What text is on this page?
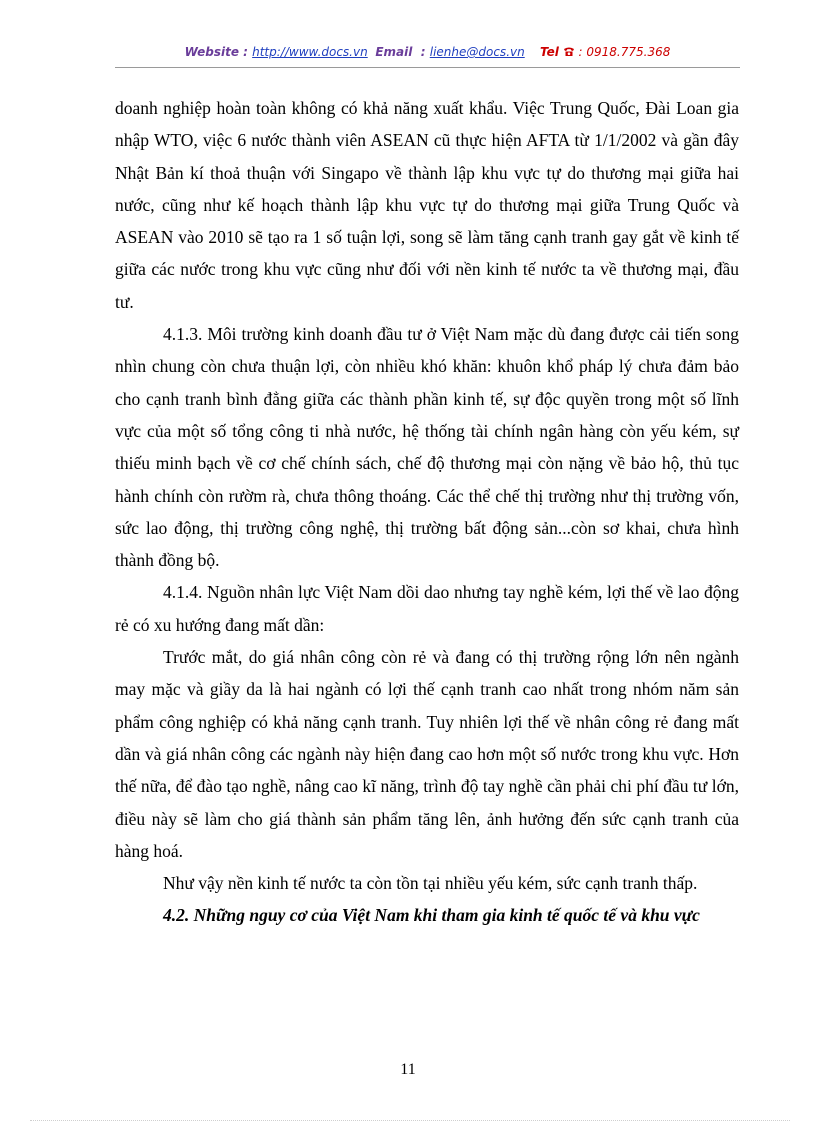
Website : http://www.docs.vn Email  : lienhe@docs.vn Tel  : 0918.775.368

doanh nghiệp hoàn toàn không có khả năng xuất khẩu. Việc Trung Quốc, Đài Loan gia nhập WTO, việc 6 nước thành viên ASEAN cũ thực hiện AFTA từ 1/1/2002 và gần đây Nhật Bản kí thoả thuận với Singapo về thành lập khu vực tự do thương mại giữa hai nước, cũng như kế hoạch thành lập khu vực tự do thương mại giữa Trung Quốc và ASEAN vào 2010 sẽ tạo ra 1 số tuận lợi, song sẽ làm tăng cạnh tranh gay gắt về kinh tế giữa các nước trong khu vực cũng như đối với nền kinh tế nước ta về thương mại, đầu tư.

4.1.3. Môi trường kinh doanh đầu tư ở Việt Nam mặc dù đang được cải tiến song nhìn chung còn chưa thuận lợi, còn nhiều khó khăn: khuôn khổ pháp lý chưa đảm bảo cho cạnh tranh bình đẳng giữa các thành phần kinh tế, sự độc quyền trong một số lĩnh vực của một số tổng công ti nhà nước, hệ thống tài chính ngân hàng còn yếu kém, sự thiếu minh bạch về cơ chế chính sách, chế độ thương mại còn nặng về bảo hộ, thủ tục hành chính còn rườm rà, chưa thông thoáng. Các thể chế thị trường như thị trường vốn, sức lao động, thị trường công nghệ, thị trường bất động sản...còn sơ khai, chưa hình thành đồng bộ.

4.1.4. Nguồn nhân lực Việt Nam dồi dao nhưng tay nghề kém, lợi thế về lao động rẻ có xu hướng đang mất dần:

Trước mắt, do giá nhân công còn rẻ và đang có thị trường rộng lớn nên ngành may mặc và giầy da là hai ngành có lợi thế cạnh tranh cao nhất trong nhóm năm sản phẩm công nghiệp có khả năng cạnh tranh. Tuy nhiên lợi thế về nhân công rẻ đang mất dần và giá nhân công các ngành này hiện đang cao hơn một số nước trong khu vực. Hơn thế nữa, để đào tạo nghề, nâng cao kĩ năng, trình độ tay nghề cần phải chi phí đầu tư lớn, điều này sẽ làm cho giá thành sản phẩm tăng lên, ảnh hưởng đến sức cạnh tranh của hàng hoá.

Như vậy nền kinh tế nước ta còn tồn tại nhiều yếu kém, sức cạnh tranh thấp.

4.2. Những nguy cơ của Việt Nam khi tham gia kinh tế quốc tế và khu vực

11
